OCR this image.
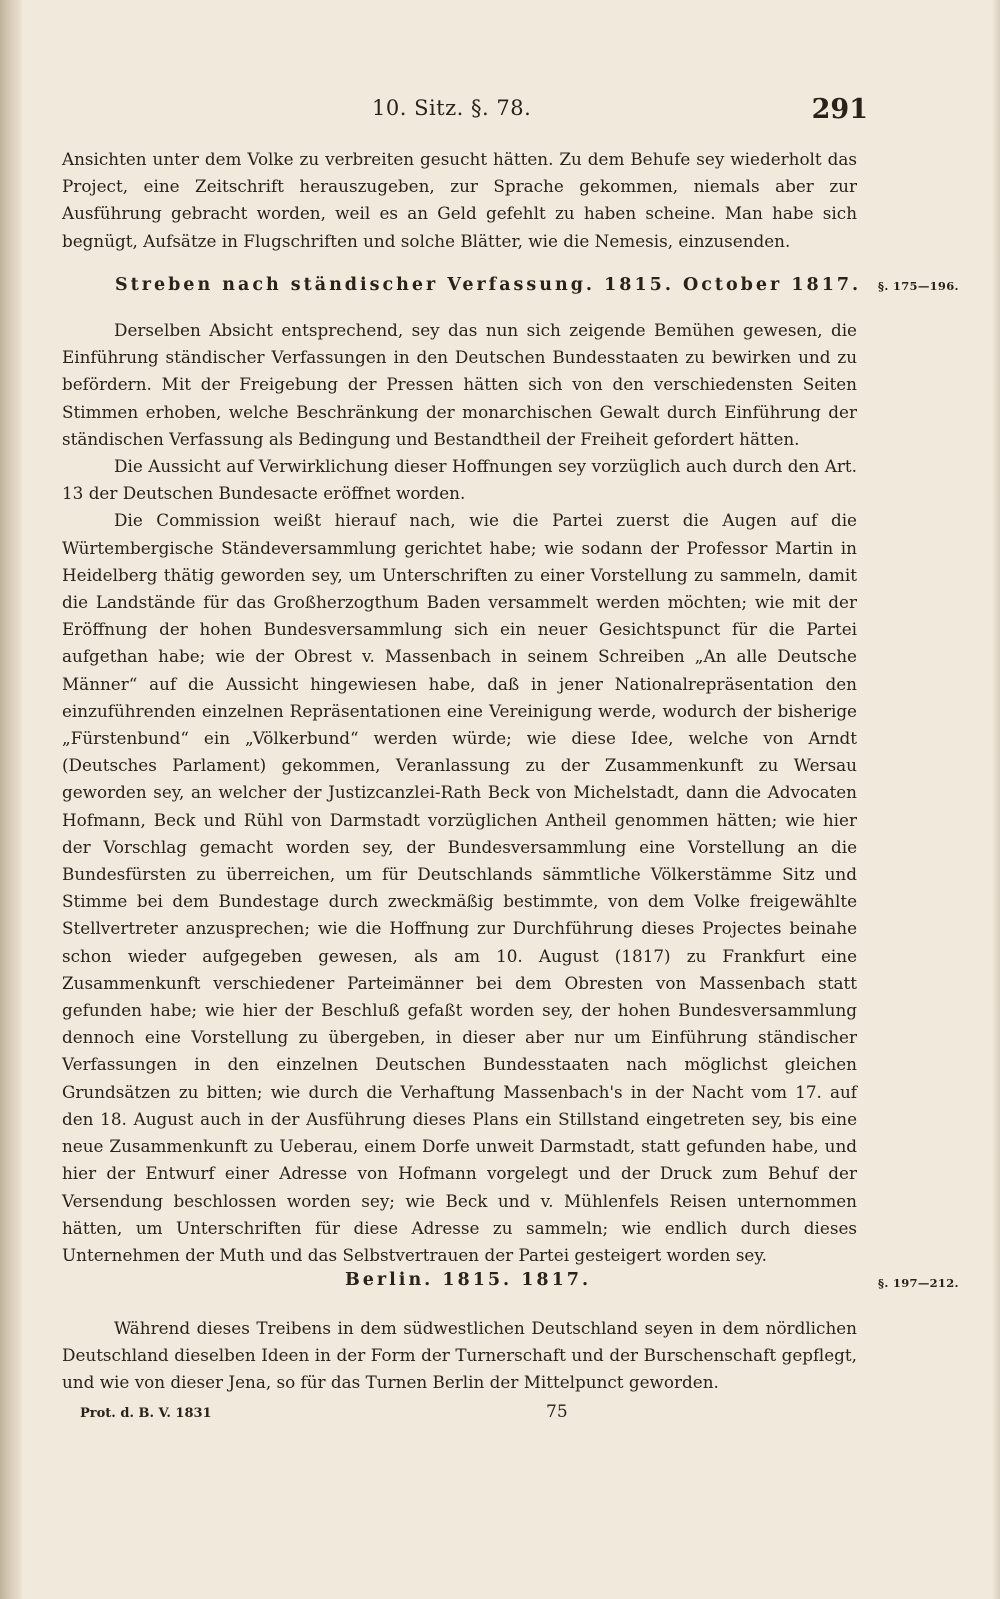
10. Sitz. §. 78.	291

Ansichten unter dem Volke zu verbreiten gesucht hätten. Zu dem Behufe sey wiederholt das Project, eine Zeitschrift herauszugeben, zur Sprache gekommen, niemals aber zur Ausführung gebracht worden, weil es an Geld gefehlt zu haben scheine. Man habe sich begnügt, Aufsätze in Flugschriften und solche Blätter, wie die Nemesis, einzusenden.

Streben nach ständischer Verfassung. 1815. October 1817. §. 175—196.

Derselben Absicht entsprechend, sey das nun sich zeigende Bemühen gewesen, die Einführung ständischer Verfassungen in den Deutschen Bundesstaaten zu bewirken und zu befördern. Mit der Freigebung der Pressen hätten sich von den verschiedensten Seiten Stimmen erhoben, welche Beschränkung der monarchischen Gewalt durch Einführung der ständischen Verfassung als Bedingung und Bestandtheil der Freiheit gefordert hätten.

Die Aussicht auf Verwirklichung dieser Hoffnungen sey vorzüglich auch durch den Art. 13 der Deutschen Bundesacte eröffnet worden.

Die Commission weißt hierauf nach, wie die Partei zuerst die Augen auf die Würtembergische Ständeversammlung gerichtet habe; wie sodann der Professor Martin in Heidelberg thätig geworden sey, um Unterschriften zu einer Vorstellung zu sammeln, damit die Landstände für das Großherzogthum Baden versammelt werden möchten; wie mit der Eröffnung der hohen Bundesversammlung sich ein neuer Gesichtspunct für die Partei aufgethan habe; wie der Obrest v. Massenbach in seinem Schreiben „An alle Deutsche Männer“ auf die Aussicht hingewiesen habe, daß in jener Nationalrepräsentation den einzuführenden einzelnen Repräsentationen eine Vereinigung werde, wodurch der bisherige „Fürstenbund“ ein „Völkerbund“ werden würde; wie diese Idee, welche von Arndt (Deutsches Parlament) gekommen, Veranlassung zu der Zusammenkunft zu Wersau geworden sey, an welcher der Justizcanzlei-Rath Beck von Michelstadt, dann die Advocaten Hofmann, Beck und Rühl von Darmstadt vorzüglichen Antheil genommen hätten; wie hier der Vorschlag gemacht worden sey, der Bundesversammlung eine Vorstellung an die Bundesfürsten zu überreichen, um für Deutschlands sämmtliche Völkerstämme Sitz und Stimme bei dem Bundestage durch zweckmäßig bestimmte, von dem Volke freigewählte Stellvertreter anzusprechen; wie die Hoffnung zur Durchführung dieses Projectes beinahe schon wieder aufgegeben gewesen, als am 10. August (1817) zu Frankfurt eine Zusammenkunft verschiedener Parteimänner bei dem Obresten von Massenbach statt gefunden habe; wie hier der Beschluß gefaßt worden sey, der hohen Bundesversammlung dennoch eine Vorstellung zu übergeben, in dieser aber nur um Einführung ständischer Verfassungen in den einzelnen Deutschen Bundesstaaten nach möglichst gleichen Grundsätzen zu bitten; wie durch die Verhaftung Massenbach's in der Nacht vom 17. auf den 18. August auch in der Ausführung dieses Plans ein Stillstand eingetreten sey, bis eine neue Zusammenkunft zu Ueberau, einem Dorfe unweit Darmstadt, statt gefunden habe, und hier der Entwurf einer Adresse von Hofmann vorgelegt und der Druck zum Behuf der Versendung beschlossen worden sey; wie Beck und v. Mühlenfels Reisen unternommen hätten, um Unterschriften für diese Adresse zu sammeln; wie endlich durch dieses Unternehmen der Muth und das Selbstvertrauen der Partei gesteigert worden sey.

Berlin. 1815. 1817.	§. 197—212.

Während dieses Treibens in dem südwestlichen Deutschland seyen in dem nördlichen Deutschland dieselben Ideen in der Form der Turnerschaft und der Burschenschaft gepflegt, und wie von dieser Jena, so für das Turnen Berlin der Mittelpunct geworden.

Prot. d. B. V. 1831	75
